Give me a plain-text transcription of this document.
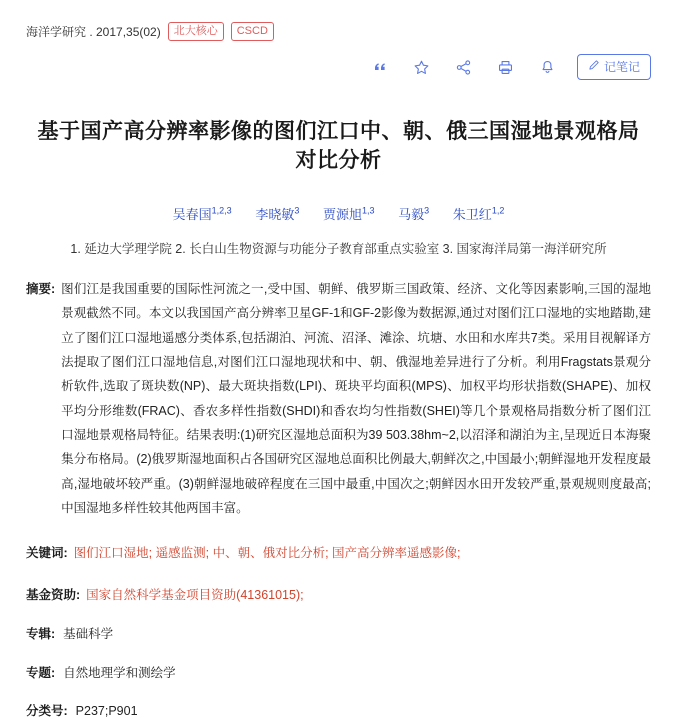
海洋学研究 . 2017,35(02)	北大核心	CSCD
记笔记
基于国产高分辨率影像的图们江口中、朝、俄三国湿地景观格局对比分析
吴春国$^{1,2,3}$ 李晓敏$^3$ 贾源旭$^{1,3}$ 马毅$^3$ 朱卫红$^{1,2}$
1. 延边大学理学院 2. 长白山生物资源与功能分子教育部重点实验室 3. 国家海洋局第一海洋研究所
摘要: 图们江是我国重要的国际性河流之一,受中国、朝鲜、俄罗斯三国政策、经济、文化等因素影响,三国的湿地景观截然不同。本文以我国国产高分辨率卫星GF-1和GF-2影像为数据源,通过对图们江口湿地的实地踏勘,建立了图们江口湿地遥感分类体系,包括湖泊、河流、沼泽、滩涂、坑塘、水田和水库共7类。采用目视解译方法提取了图们江口湿地信息,对图们江口湿地现状和中、朝、俄湿地差异进行了分析。利用Fragstats景观分析软件,选取了斑块数(NP)、最大斑块指数(LPI)、斑块平均面积(MPS)、加权平均形状指数(SHAPE)、加权平均分形维数(FRAC)、香农多样性指数(SHDI)和香农均匀性指数(SHEI)等几个景观格局指数分析了图们江口湿地景观格局特征。结果表明:(1)研究区湿地总面积为39 503.38hm~2,以沼泽和湖泊为主,呈现近日本海聚集分布格局。(2)俄罗斯湿地面积占各国研究区湿地总面积比例最大,朝鲜次之,中国最小;朝鲜湿地开发程度最高,湿地破坏较严重。(3)朝鲜湿地破碎程度在三国中最重,中国次之;朝鲜因水田开发较严重,景观规则度最高;中国湿地多样性较其他两国丰富。
关键词: 图们江口湿地; 遥感监测; 中、朝、俄对比分析; 国产高分辨率遥感影像;
基金资助: 国家自然科学基金项目资助(41361015);
专辑: 基础科学
专题: 自然地理学和测绘学
分类号: P237;P901
